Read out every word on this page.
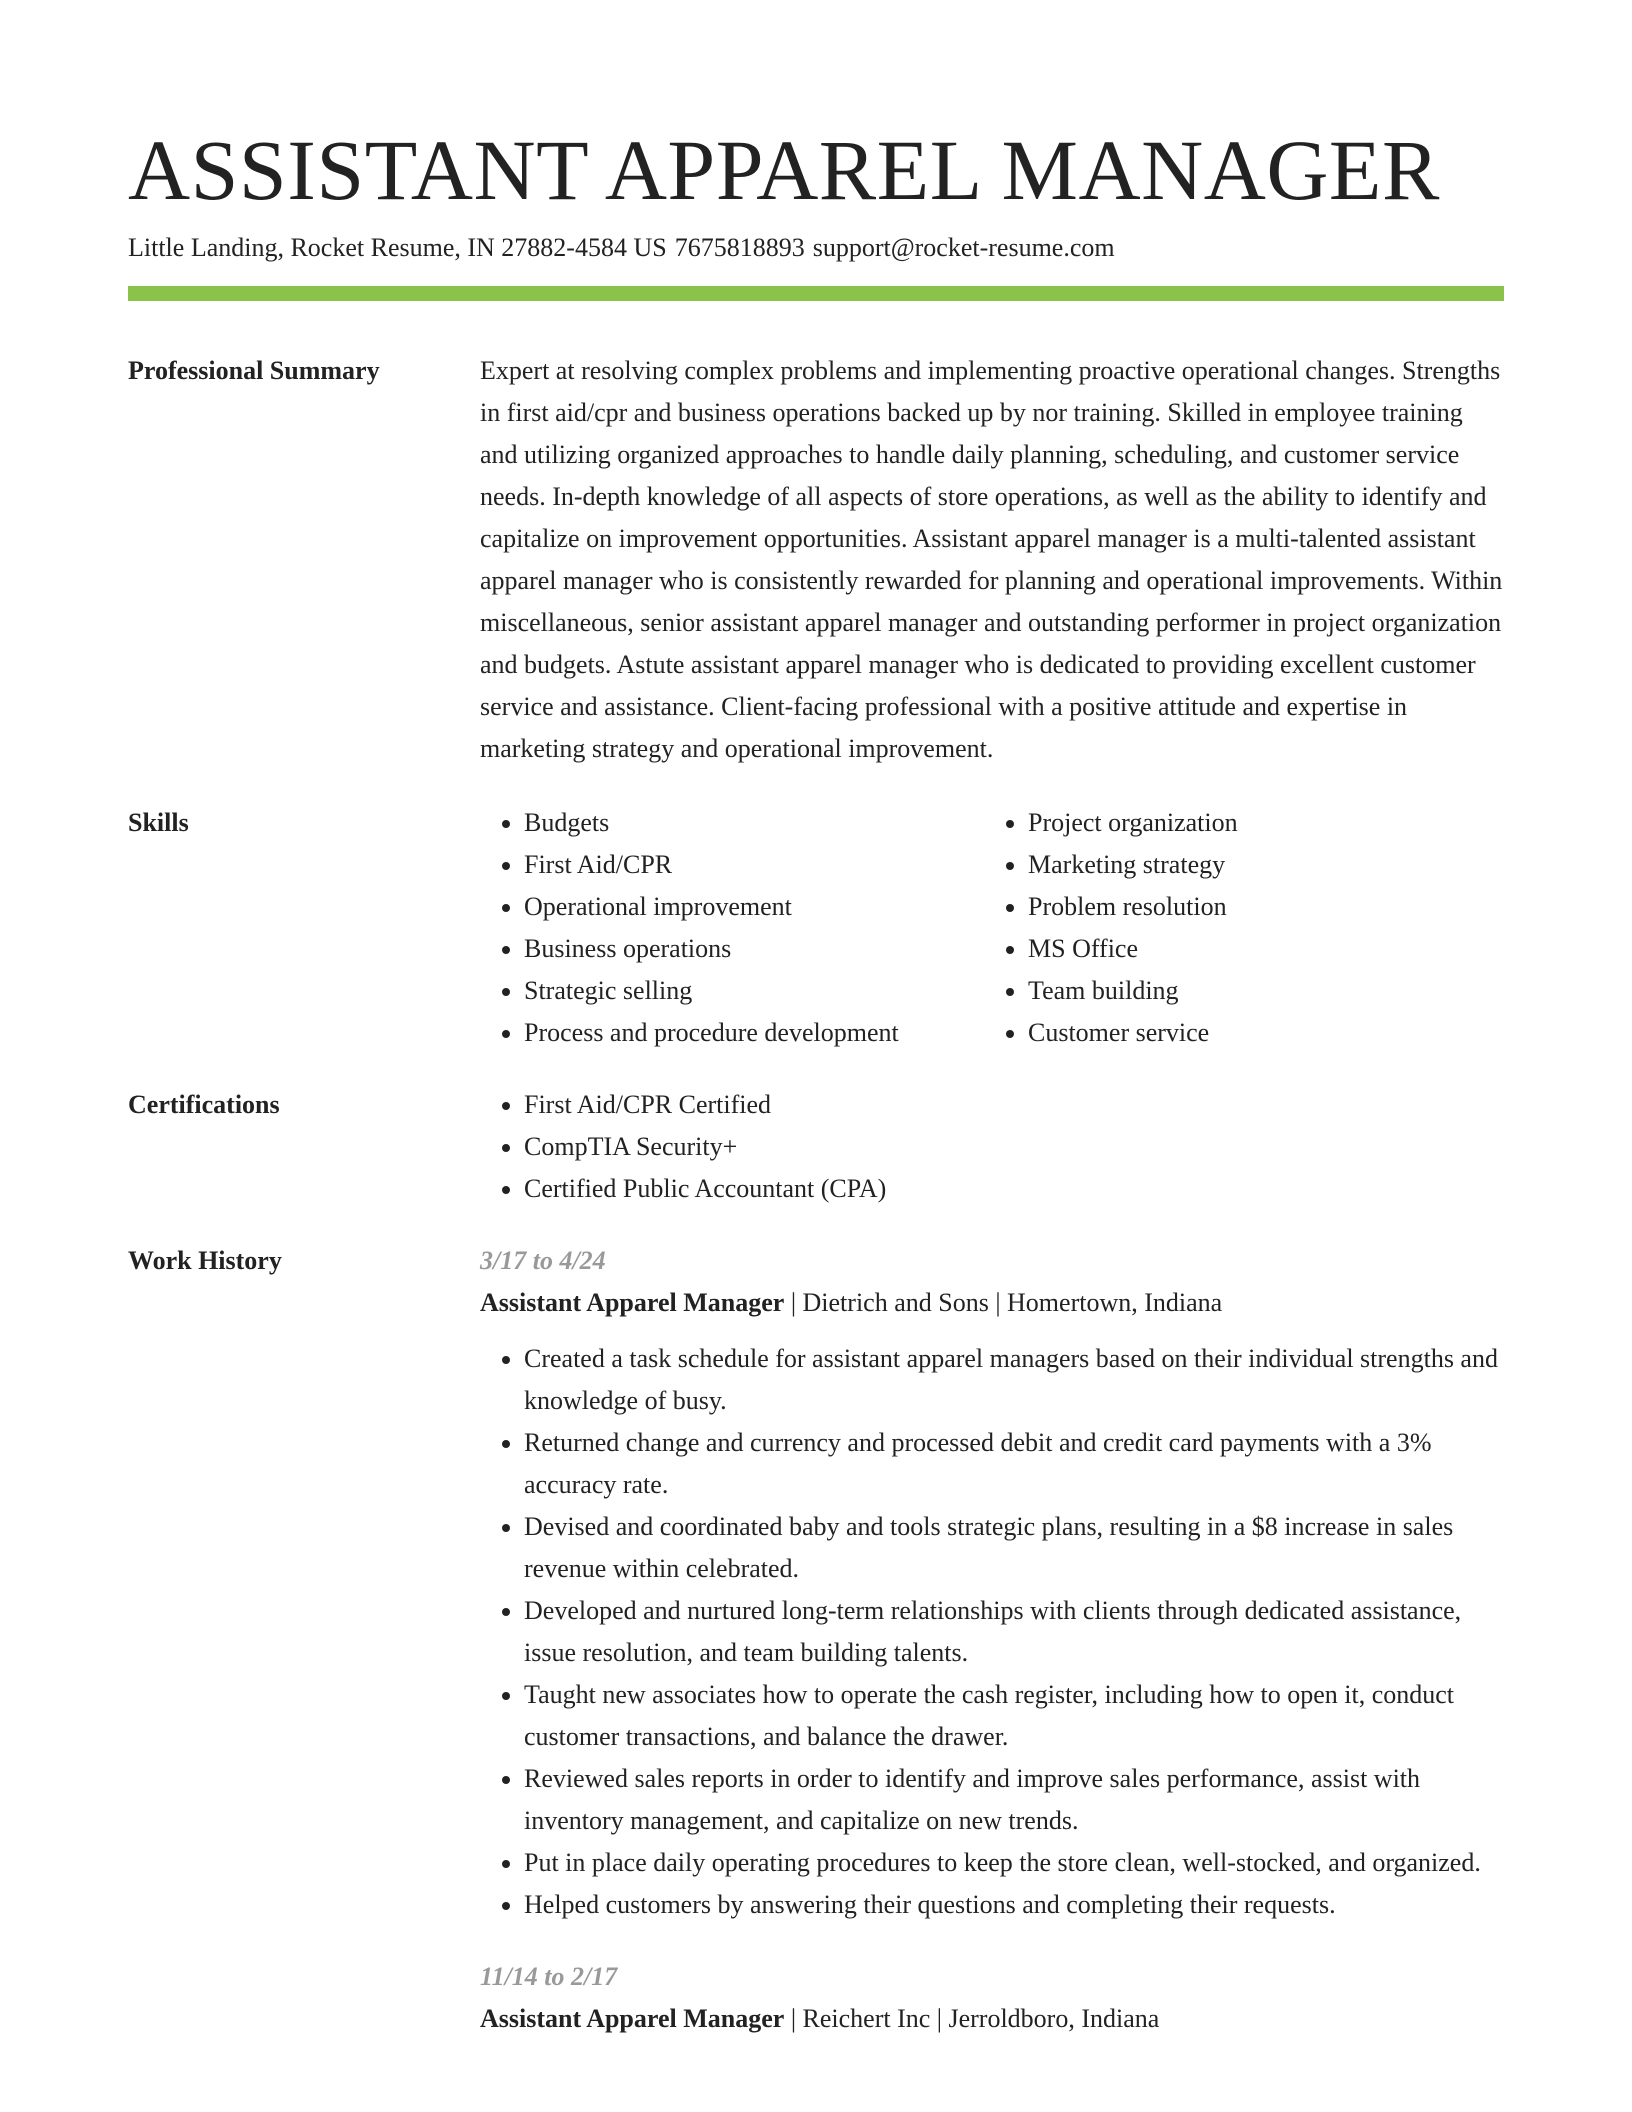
ASSISTANT APPAREL MANAGER
Little Landing, Rocket Resume, IN 27882-4584 US 7675818893 support@rocket-resume.com
Professional Summary	Expert at resolving complex problems and implementing proactive operational changes. Strengths in first aid/cpr and business operations backed up by nor training. Skilled in employee training and utilizing organized approaches to handle daily planning, scheduling, and customer service needs. In-depth knowledge of all aspects of store operations, as well as the ability to identify and capitalize on improvement opportunities. Assistant apparel manager is a multi-talented assistant apparel manager who is consistently rewarded for planning and operational improvements. Within miscellaneous, senior assistant apparel manager and outstanding performer in project organization and budgets. Astute assistant apparel manager who is dedicated to providing excellent customer service and assistance. Client-facing professional with a positive attitude and expertise in marketing strategy and operational improvement.

Skills	• Budgets
• First Aid/CPR
• Operational improvement
• Business operations
• Strategic selling
• Process and procedure development
• Project organization
• Marketing strategy
• Problem resolution
• MS Office
• Team building
• Customer service
Certifications	• First Aid/CPR Certified
• CompTIA Security+
• Certified Public Accountant (CPA)
Work History	3/17 to 4/24
Assistant Apparel Manager | Dietrich and Sons | Homertown, Indiana
• Created a task schedule for assistant apparel managers based on their individual strengths and knowledge of busy.
• Returned change and currency and processed debit and credit card payments with a 3% accuracy rate.
• Devised and coordinated baby and tools strategic plans, resulting in a $8 increase in sales revenue within celebrated.
• Developed and nurtured long-term relationships with clients through dedicated assistance, issue resolution, and team building talents.
• Taught new associates how to operate the cash register, including how to open it, conduct customer transactions, and balance the drawer.
• Reviewed sales reports in order to identify and improve sales performance, assist with inventory management, and capitalize on new trends.
• Put in place daily operating procedures to keep the store clean, well-stocked, and organized.
• Helped customers by answering their questions and completing their requests.
11/14 to 2/17
Assistant Apparel Manager | Reichert Inc | Jerroldboro, Indiana
